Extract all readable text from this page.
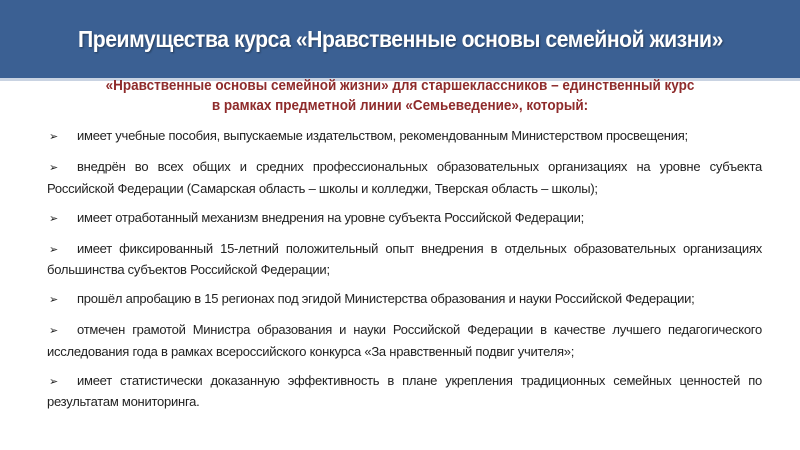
Преимущества курса «Нравственные основы семейной жизни»
«Нравственные основы семейной жизни» для старшеклассников – единственный курс
в рамках предметной линии «Семьеведение», который:
➢ имеет учебные пособия, выпускаемые издательством, рекомендованным Министерством просвещения;
➢ внедрён во всех общих и средних профессиональных образовательных организациях на уровне субъекта Российской Федерации (Самарская область – школы и колледжи, Тверская область – школы);
➢ имеет отработанный механизм внедрения на уровне субъекта Российской Федерации;
➢ имеет фиксированный 15-летний положительный опыт внедрения в отдельных образовательных организациях большинства субъектов Российской Федерации;
➢ прошёл апробацию в 15 регионах под эгидой Министерства образования и науки Российской Федерации;
➢ отмечен грамотой Министра образования и науки Российской Федерации в качестве лучшего педагогического исследования года в рамках всероссийского конкурса «За нравственный подвиг учителя»;
➢ имеет статистически доказанную эффективность в плане укрепления традиционных семейных ценностей по результатам мониторинга.
